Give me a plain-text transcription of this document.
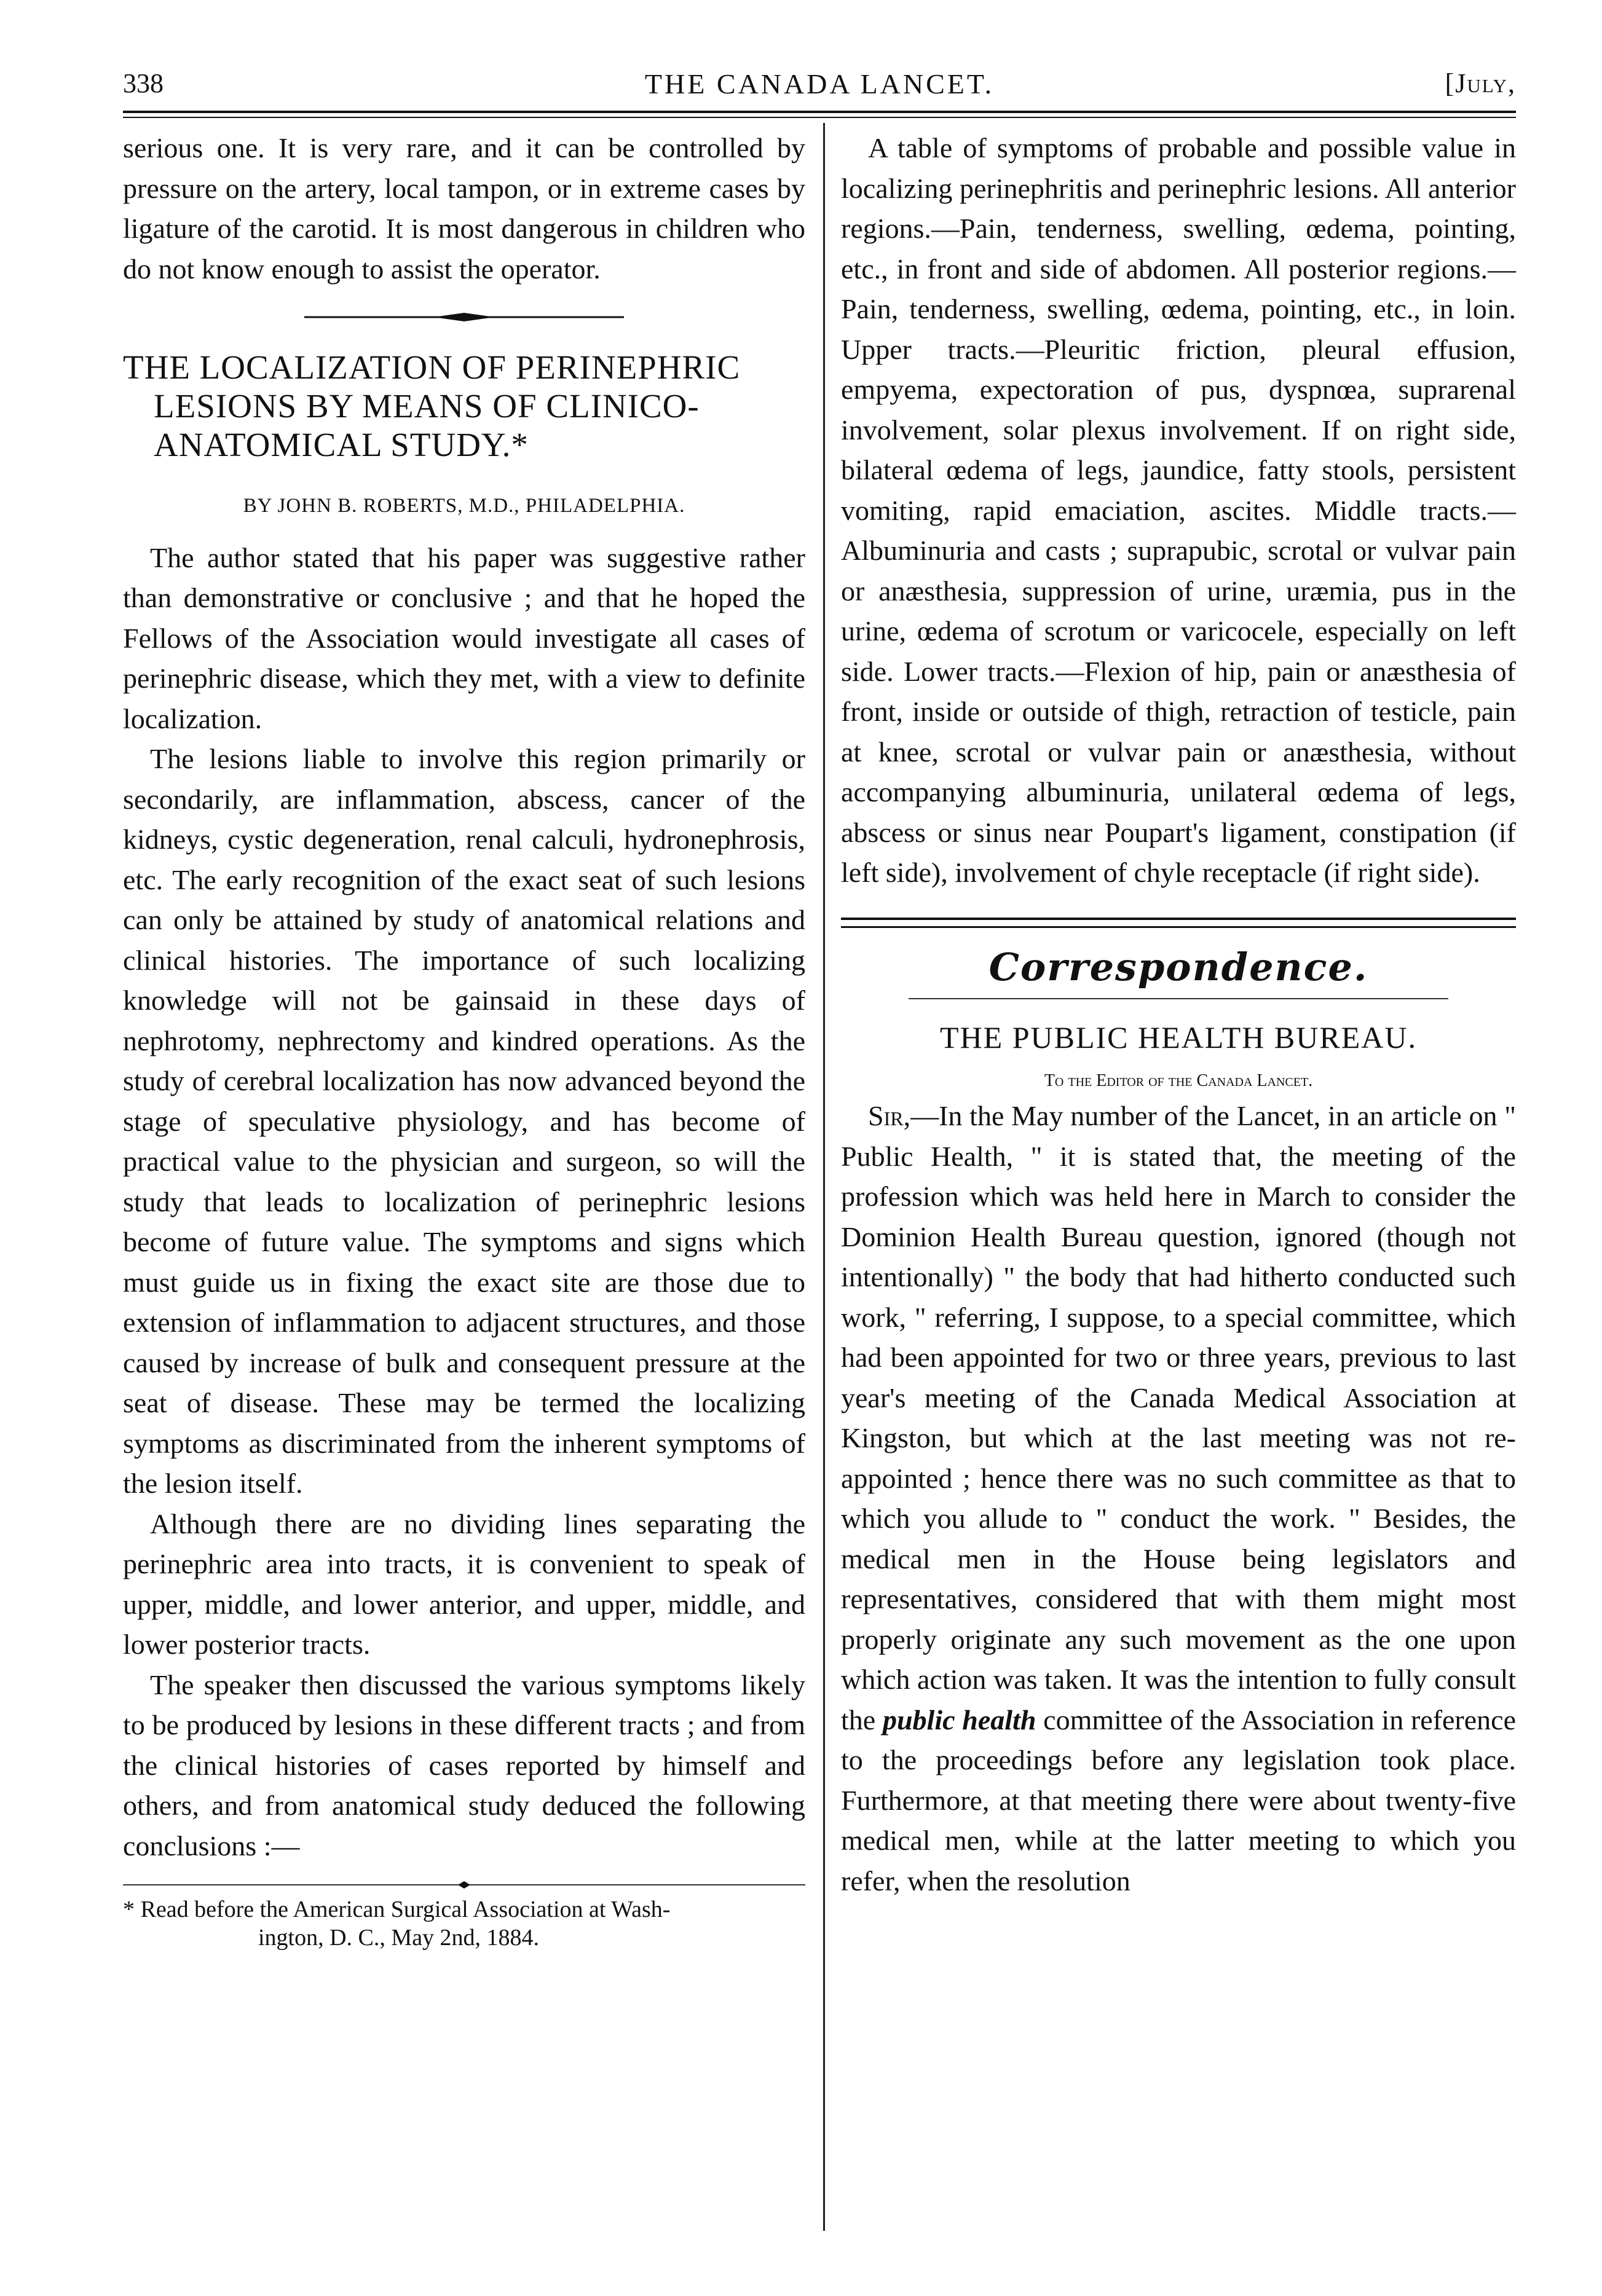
338	THE CANADA LANCET.	[July,

serious one. It is very rare, and it can be controlled by pressure on the artery, local tampon, or in extreme cases by ligature of the carotid. It is most dangerous in children who do not know enough to assist the operator.

THE LOCALIZATION OF PERINEPHRIC LESIONS BY MEANS OF CLINICO-ANATOMICAL STUDY.*

BY JOHN B. ROBERTS, M.D., PHILADELPHIA.

The author stated that his paper was suggestive rather than demonstrative or conclusive ; and that he hoped the Fellows of the Association would investigate all cases of perinephric disease, which they met, with a view to definite localization.

The lesions liable to involve this region primarily or secondarily, are inflammation, abscess, cancer of the kidneys, cystic degeneration, renal calculi, hydronephrosis, etc. The early recognition of the exact seat of such lesions can only be attained by study of anatomical relations and clinical histories. The importance of such localizing knowledge will not be gainsaid in these days of nephrotomy, nephrectomy and kindred operations. As the study of cerebral localization has now advanced beyond the stage of speculative physiology, and has become of practical value to the physician and surgeon, so will the study that leads to localization of perinephric lesions become of future value. The symptoms and signs which must guide us in fixing the exact site are those due to extension of inflammation to adjacent structures, and those caused by increase of bulk and consequent pressure at the seat of disease. These may be termed the localizing symptoms as discriminated from the inherent symptoms of the lesion itself.

Although there are no dividing lines separating the perinephric area into tracts, it is convenient to speak of upper, middle, and lower anterior, and upper, middle, and lower posterior tracts.

The speaker then discussed the various symptoms likely to be produced by lesions in these different tracts ; and from the clinical histories of cases reported by himself and others, and from anatomical study deduced the following conclusions :—

* Read before the American Surgical Association at Wash-
ington, D. C., May 2nd, 1884.

A table of symptoms of probable and possible value in localizing perinephritis and perinephric lesions. All anterior regions.—Pain, tenderness, swelling, œdema, pointing, etc., in front and side of abdomen. All posterior regions.—Pain, tenderness, swelling, œdema, pointing, etc., in loin. Upper tracts.—Pleuritic friction, pleural effusion, empyema, expectoration of pus, dyspnœa, suprarenal involvement, solar plexus involvement. If on right side, bilateral œdema of legs, jaundice, fatty stools, persistent vomiting, rapid emaciation, ascites. Middle tracts.—Albuminuria and casts ; suprapubic, scrotal or vulvar pain or anæsthesia, suppression of urine, uræmia, pus in the urine, œdema of scrotum or varicocele, especially on left side. Lower tracts.—Flexion of hip, pain or anæsthesia of front, inside or outside of thigh, retraction of testicle, pain at knee, scrotal or vulvar pain or anæsthesia, without accompanying albuminuria, unilateral œdema of legs, abscess or sinus near Poupart's ligament, constipation (if left side), involvement of chyle receptacle (if right side).

Correspondence.

THE PUBLIC HEALTH BUREAU.

To the Editor of the Canada Lancet.

Sir,—In the May number of the Lancet, in an article on " Public Health, " it is stated that, the meeting of the profession which was held here in March to consider the Dominion Health Bureau question, ignored (though not intentionally) " the body that had hitherto conducted such work, " referring, I suppose, to a special committee, which had been appointed for two or three years, previous to last year's meeting of the Canada Medical Association at Kingston, but which at the last meeting was not re-appointed ; hence there was no such committee as that to which you allude to " conduct the work. " Besides, the medical men in the House being legislators and representatives, considered that with them might most properly originate any such movement as the one upon which action was taken. It was the intention to fully consult the public health committee of the Association in reference to the proceedings before any legislation took place. Furthermore, at that meeting there were about twenty-five medical men, while at the latter meeting to which you refer, when the resolution
